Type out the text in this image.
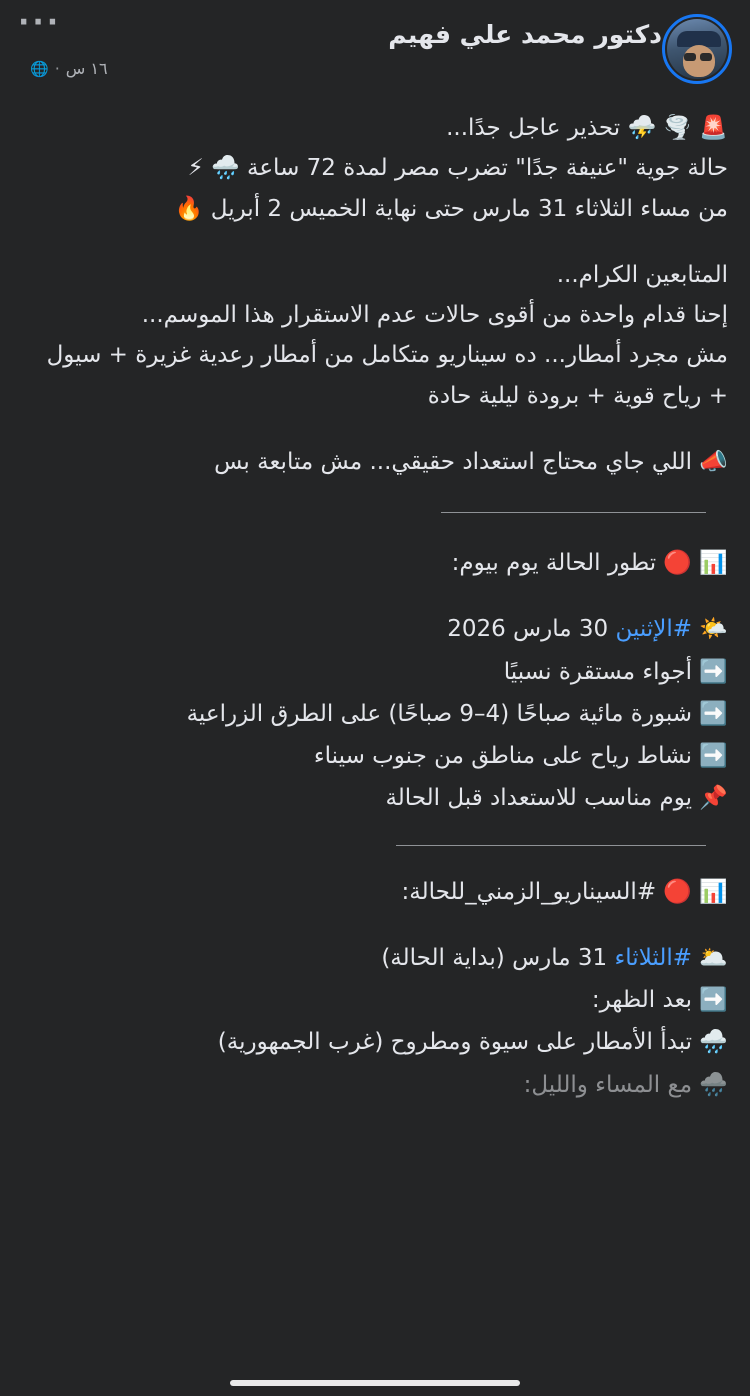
···	دكتور محمد علي فهيم
١٦ س
·
🌐

🚨 🌪️ ⛈️ تحذير عاجل جدًا...

حالة جوية "عنيفة جدًا" تضرب مصر لمدة 72 ساعة 🌧️ ⚡

من مساء الثلاثاء 31 مارس حتى نهاية الخميس 2 أبريل 🔥

المتابعين الكرام...

إحنا قدام واحدة من أقوى حالات عدم الاستقرار هذا الموسم...

مش مجرد أمطار... ده سيناريو متكامل من أمطار رعدية غزيرة + سيول + رياح قوية + برودة ليلية حادة

📣 اللي جاي محتاج استعداد حقيقي... مش متابعة بس

📊 🔴 تطور الحالة يوم بيوم:

🌤️ #الإثنين 30 مارس 2026

➡️ أجواء مستقرة نسبيًا

➡️ شبورة مائية صباحًا (4–9 صباحًا) على الطرق الزراعية

➡️ نشاط رياح على مناطق من جنوب سيناء

📌 يوم مناسب للاستعداد قبل الحالة

ءء

📊 🔴 #السيناريو_الزمني_للحالة:

🌥️ #الثلاثاء 31 مارس (بداية الحالة)

➡️ بعد الظهر:

🌧️ تبدأ الأمطار على سيوة ومطروح (غرب الجمهورية)

🌧️ مع المساء والليل:
